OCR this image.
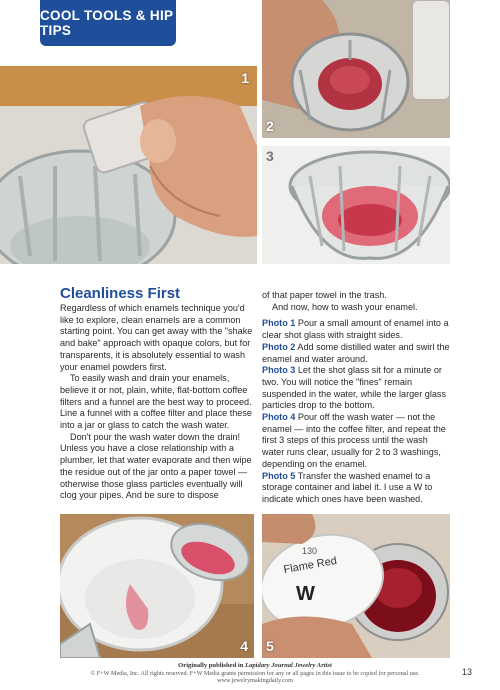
COOL TOOLS & HIP TIPS
1
2
3
Cleanliness First

Regardless of which enamels technique you'd like to explore, clean enamels are a common starting point. You can get away with the "shake and bake" approach with opaque colors, but for transparents, it is absolutely essential to wash your enamel powders first.

To easily wash and drain your enamels, believe it or not, plain, white, flat-bottom coffee filters and a funnel are the best way to proceed. Line a funnel with a coffee filter and place these into a jar or glass to catch the wash water.

Don't pour the wash water down the drain! Unless you have a close relationship with a plumber, let that water evaporate and then wipe the residue out of the jar onto a paper towel — otherwise those glass particles eventually will clog your pipes. And be sure to dispose

of that paper towel in the trash.

And now, how to wash your enamel.

Photo 1 Pour a small amount of enamel into a clear shot glass with straight sides.

Photo 2 Add some distilled water and swirl the enamel and water around.

Photo 3 Let the shot glass sit for a minute or two. You will notice the "fines" remain suspended in the water, while the larger glass particles drop to the bottom.

Photo 4 Pour off the wash water — not the enamel — into the coffee filter, and repeat the first 3 steps of this process until the wash water runs clear, usually for 2 to 3 washings, depending on the enamel.

Photo 5 Transfer the washed enamel to a storage container and label it. I use a W to indicate which ones have been washed.

4
130
Flame Red
W
5
Originally published in Lapidary Journal Jewelry Artist
© F+W Media, Inc. All rights reserved. F+W Media grants permission for any or all pages in this issue to be copied for personal use. www.jewelrymakingdaily.com
13
